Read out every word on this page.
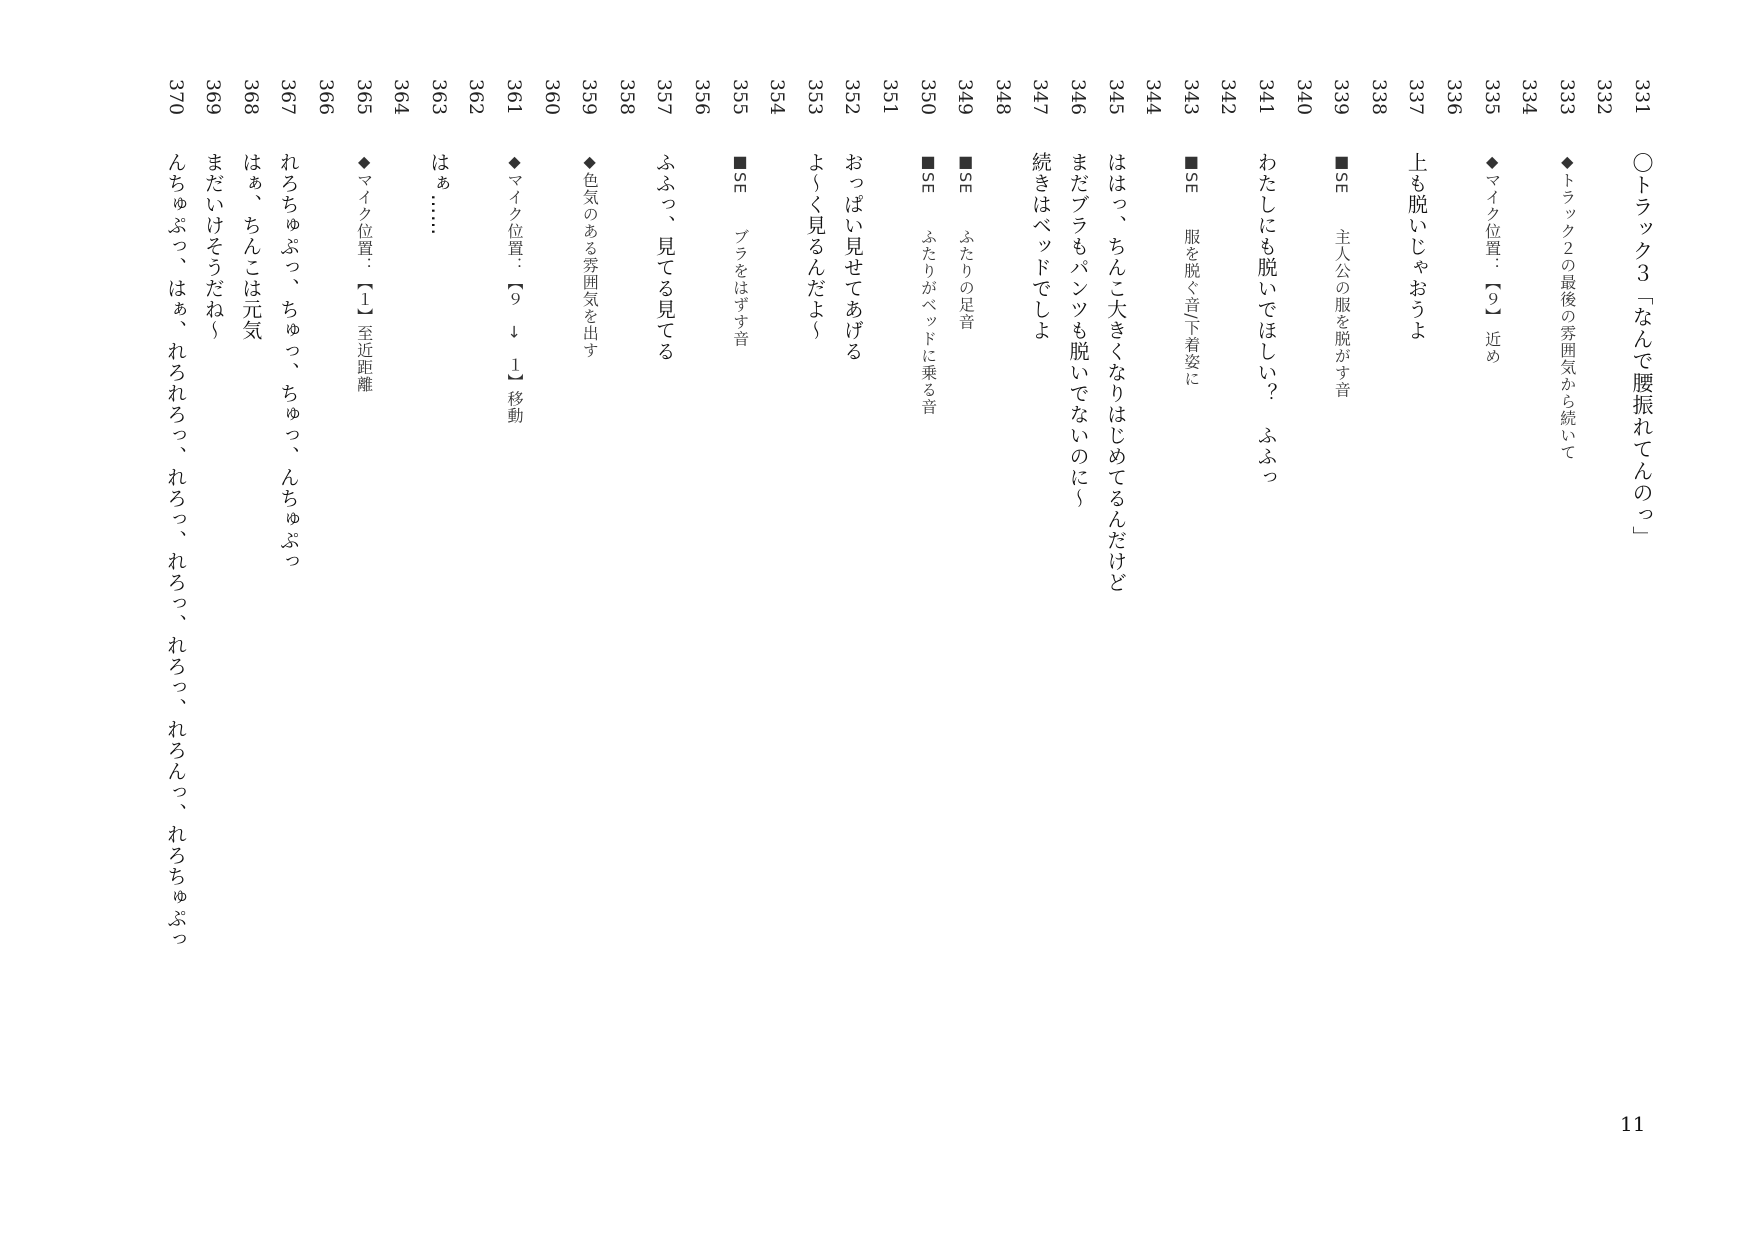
331
〇トラック３「なんで腰振れてんのっ」
332
333
◆トラック２の最後の雰囲気から続いて
334
335
◆マイク位置：【９】 近め
336
337
上も脱いじゃおうよ
338
339
■SE　　主人公の服を脱がす音
340
341
わたしにも脱いでほしい？　ふふっ
342
343
■SE　　服を脱ぐ音/下着姿に
344
345
ははっ、ちんこ大きくなりはじめてるんだけど
346
まだブラもパンツも脱いでないのに～
347
続きはベッドでしよ
348
349
■SE　　ふたりの足音
350
■SE　　ふたりがベッドに乗る音
351
352
おっぱい見せてあげる
353
よ～く見るんだよ～
354
355
■SE　　ブラをはずす音
356
357
ふふっ、見てる見てる
358
359
◆色気のある雰囲気を出す
360
361
◆マイク位置：【９　→　１】移動
362
363
はぁ……
364
365
◆マイク位置：【１】至近距離
366
367
れろちゅぷっ、ちゅっ、ちゅっ、んちゅぷっ
368
はぁ、ちんこは元気
369
まだいけそうだね～
370
んちゅぷっ、はぁ、れろれろっ、れろっ、れろっ、れろっ、れろんっ、れろちゅぷっ
11
